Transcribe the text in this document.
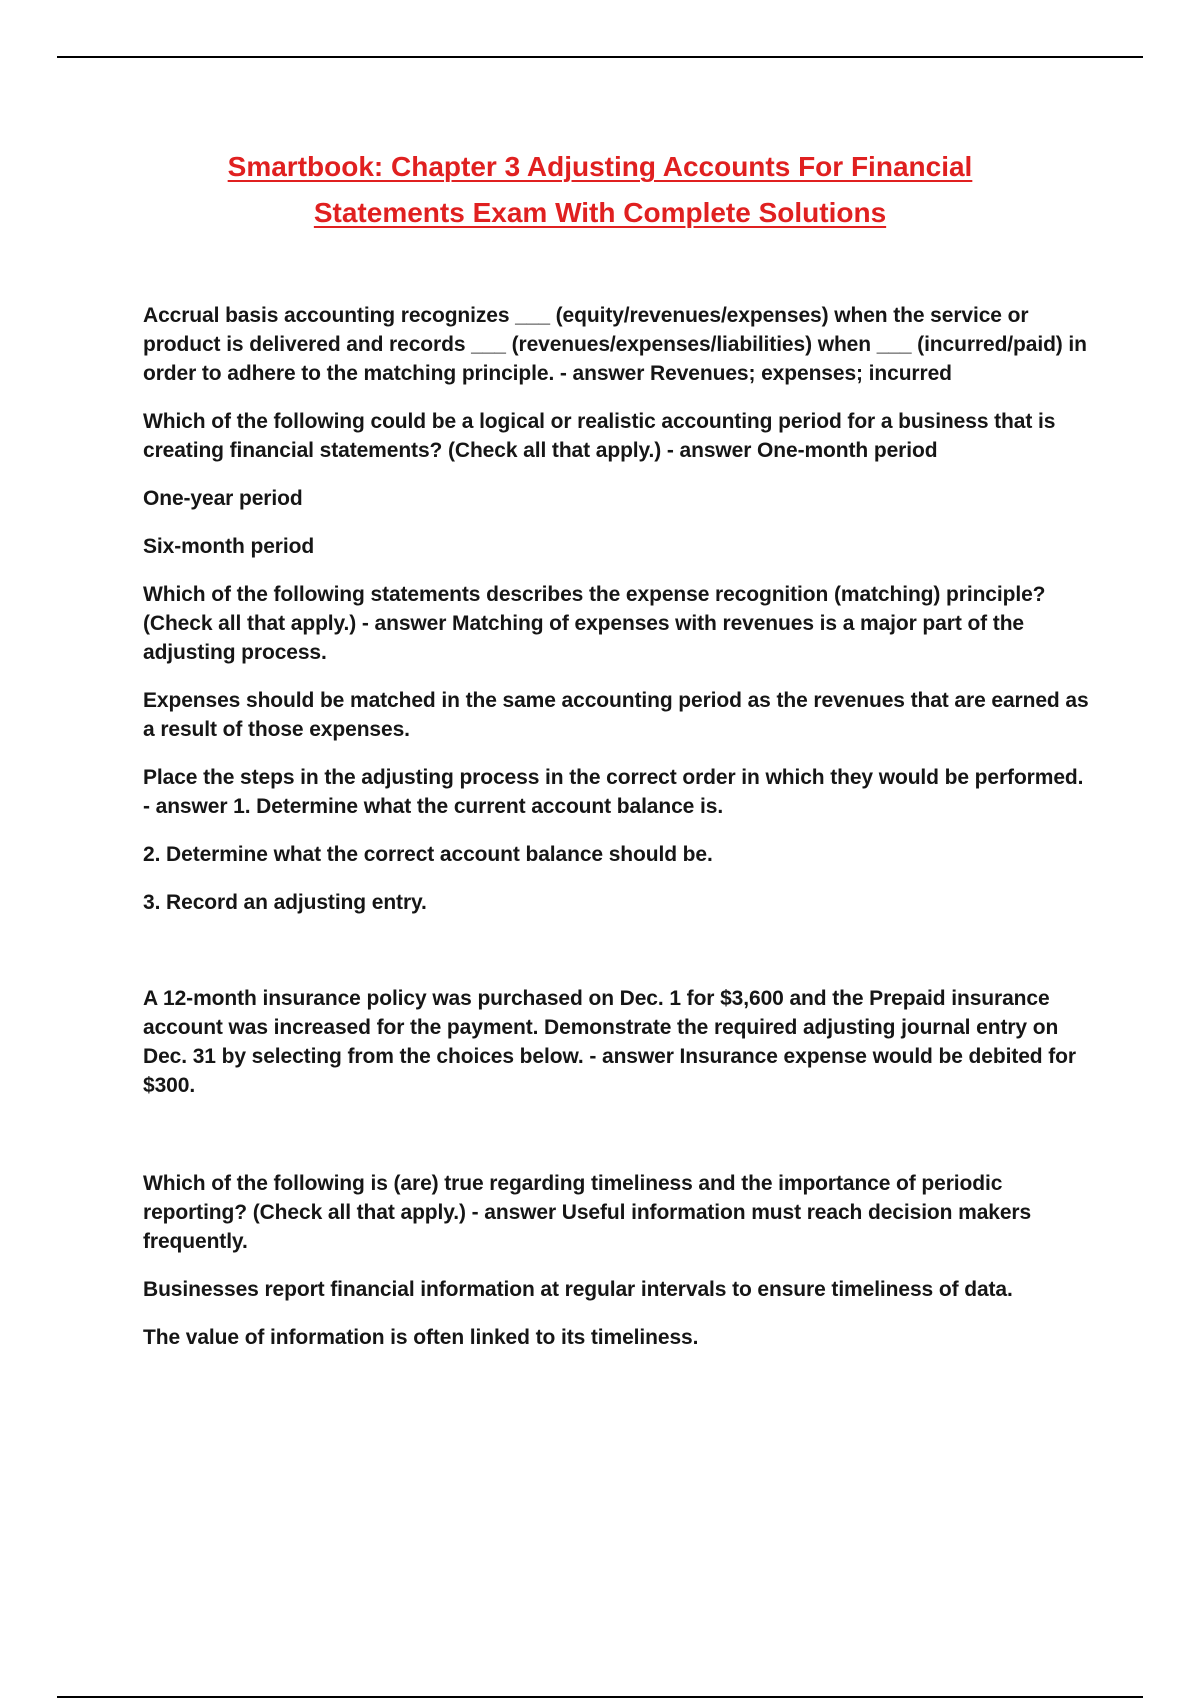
Smartbook: Chapter 3 Adjusting Accounts For Financial
Statements Exam With Complete Solutions

Accrual basis accounting recognizes ___ (equity/revenues/expenses) when the service or product is delivered and records ___ (revenues/expenses/liabilities) when ___ (incurred/paid) in order to adhere to the matching principle. - answer Revenues; expenses; incurred

Which of the following could be a logical or realistic accounting period for a business that is creating financial statements? (Check all that apply.) - answer One-month period

One-year period

Six-month period

Which of the following statements describes the expense recognition (matching) principle? (Check all that apply.) - answer Matching of expenses with revenues is a major part of the adjusting process.

Expenses should be matched in the same accounting period as the revenues that are earned as a result of those expenses.

Place the steps in the adjusting process in the correct order in which they would be performed. - answer 1. Determine what the current account balance is.

2. Determine what the correct account balance should be.

3. Record an adjusting entry.

A 12-month insurance policy was purchased on Dec. 1 for $3,600 and the Prepaid insurance account was increased for the payment. Demonstrate the required adjusting journal entry on Dec. 31 by selecting from the choices below. - answer Insurance expense would be debited for $300.

Which of the following is (are) true regarding timeliness and the importance of periodic reporting? (Check all that apply.) - answer Useful information must reach decision makers frequently.

Businesses report financial information at regular intervals to ensure timeliness of data.

The value of information is often linked to its timeliness.
